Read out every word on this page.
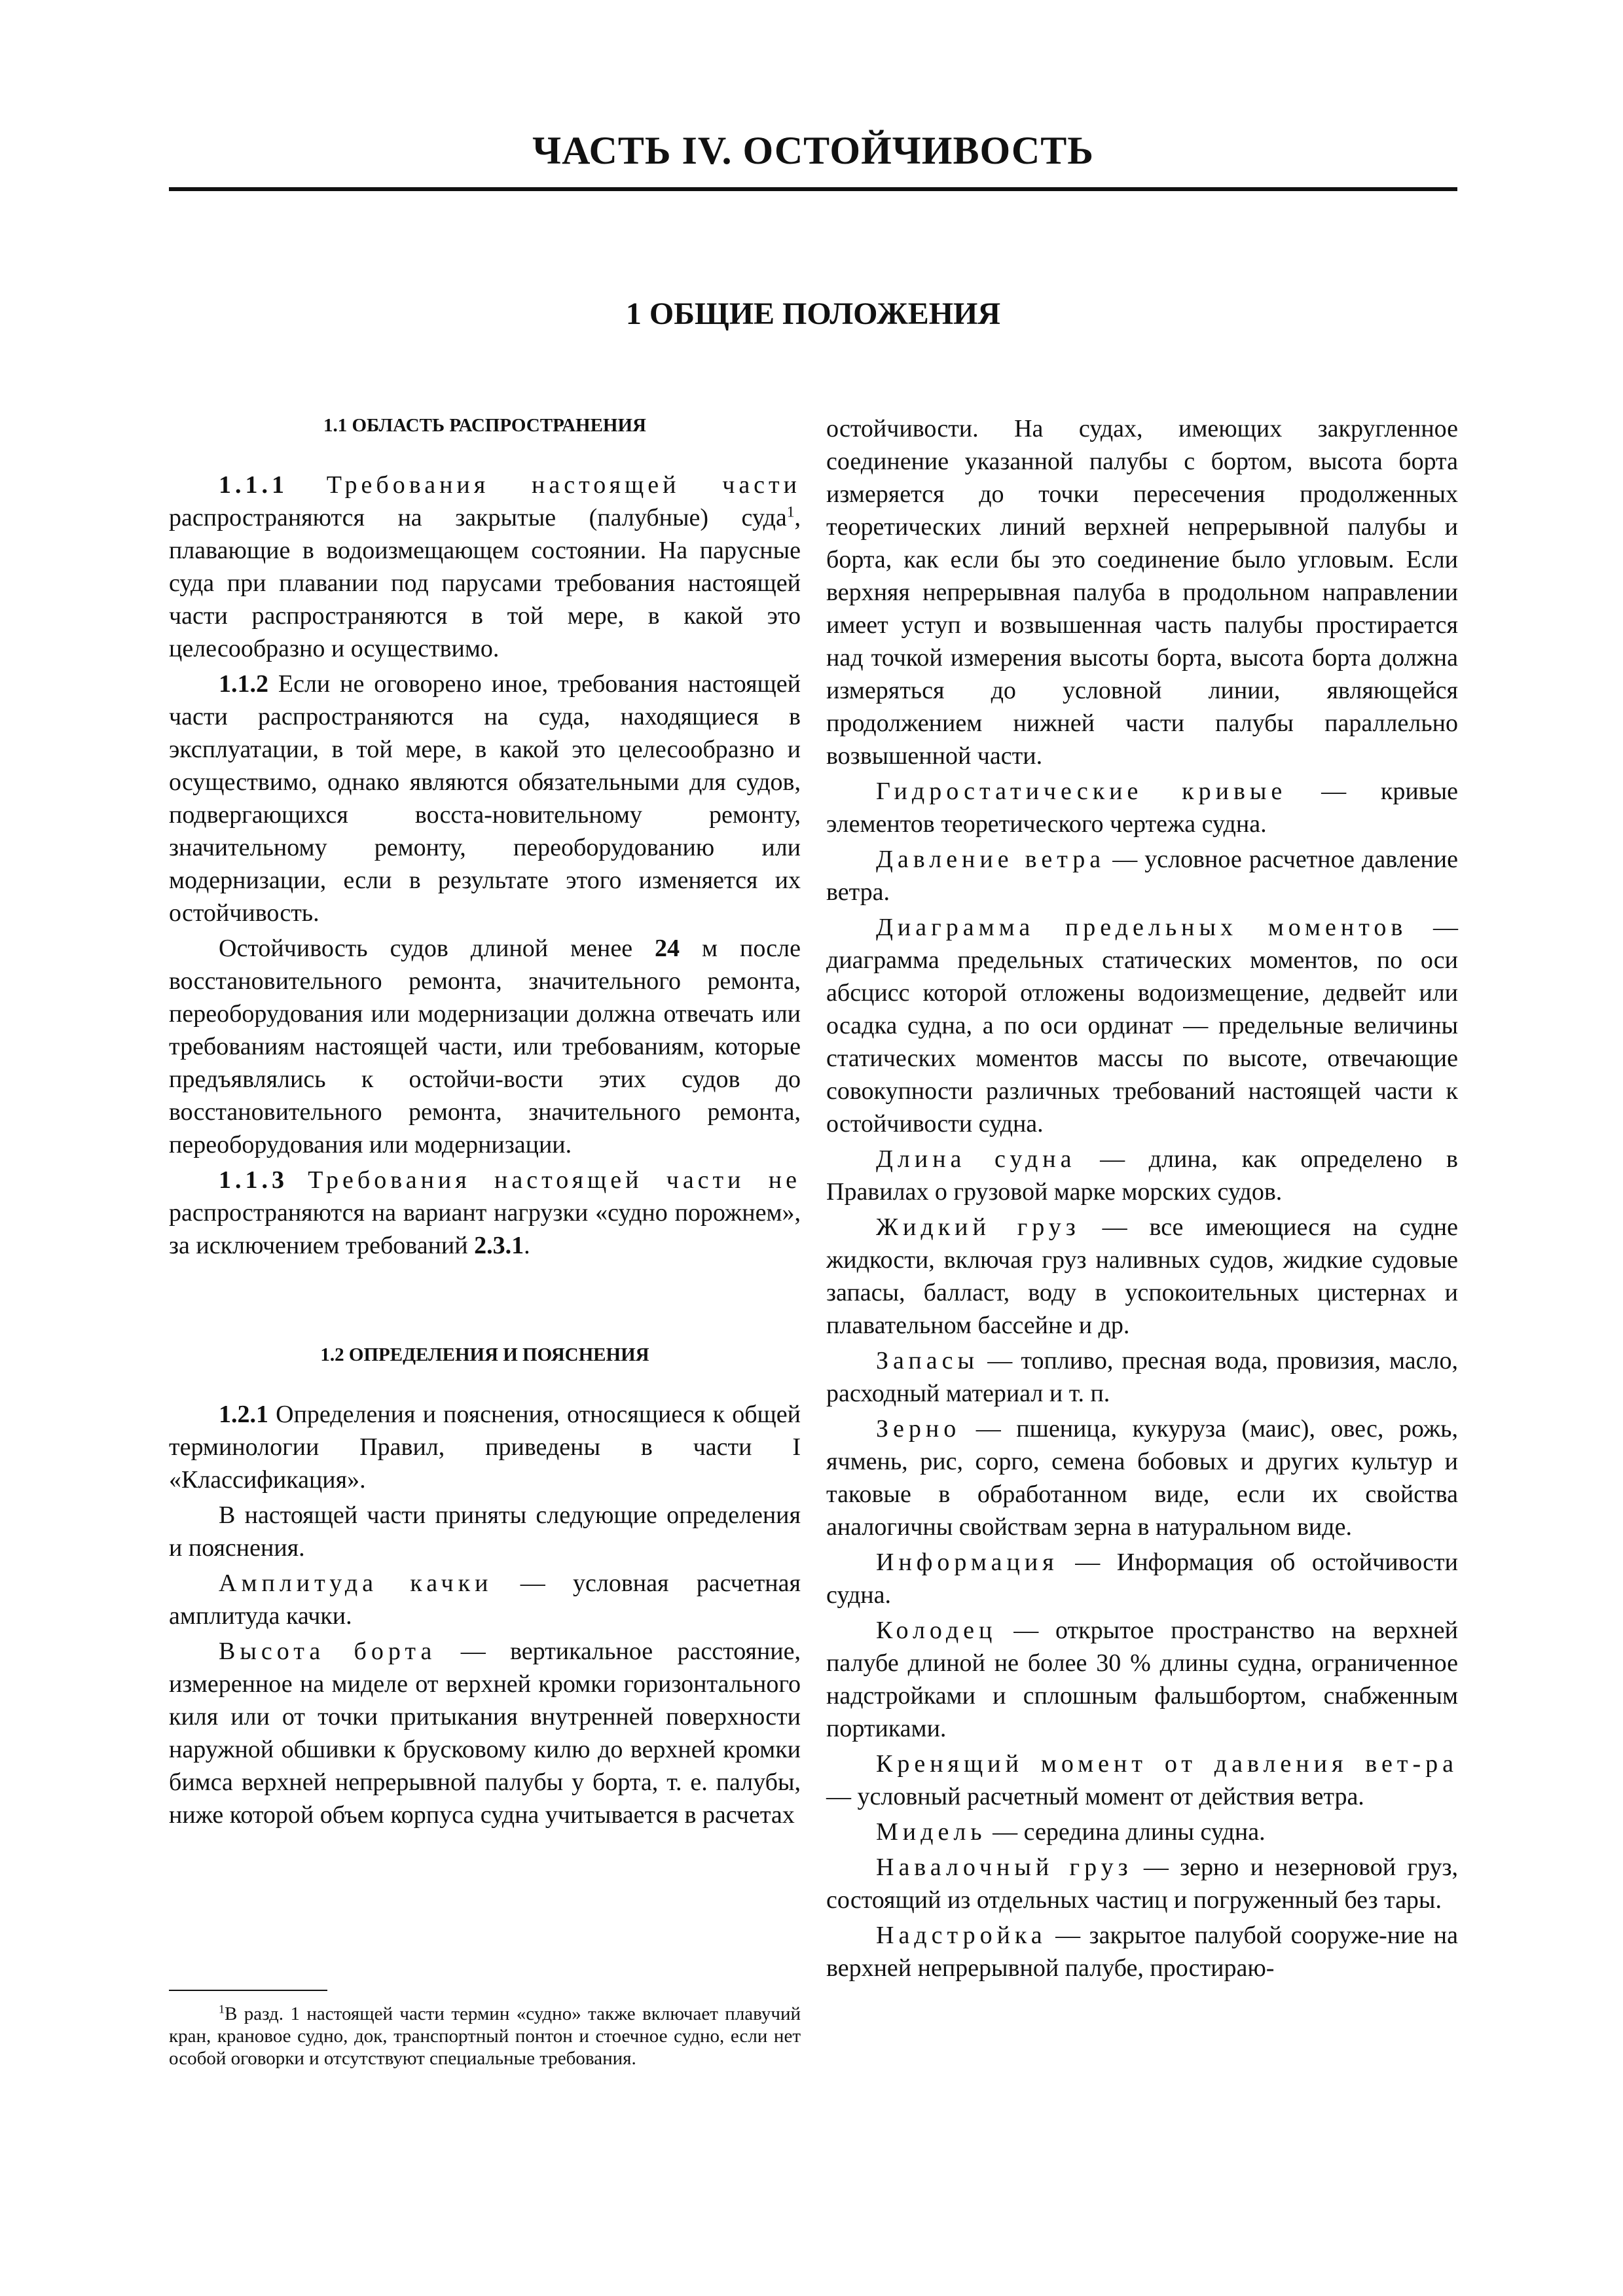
ЧАСТЬ IV. ОСТОЙЧИВОСТЬ
1 ОБЩИЕ ПОЛОЖЕНИЯ
1.1 ОБЛАСТЬ РАСПРОСТРАНЕНИЯ

1.1.1 Требования настоящей части распространяются на закрытые (палубные) суда$^1$, плавающие в водоизмещающем состоянии. На парусные суда при плавании под парусами требования настоящей части распространяются в той мере, в какой это целесообразно и осуществимо.

1.1.2 Если не оговорено иное, требования настоящей части распространяются на суда, находящиеся в эксплуатации, в той мере, в какой это целесообразно и осуществимо, однако являются обязательными для судов, подвергающихся восста-новительному ремонту, значительному ремонту, переоборудованию или модернизации, если в результате этого изменяется их остойчивость.

Остойчивость судов длиной менее 24 м после восстановительного ремонта, значительного ремонта, переоборудования или модернизации должна отвечать или требованиям настоящей части, или требованиям, которые предъявлялись к остойчи-вости этих судов до восстановительного ремонта, значительного ремонта, переоборудования или модернизации.

1.1.3 Требования настоящей части не распространяются на вариант нагрузки «судно порожнем», за исключением требований 2.3.1.

1.2 ОПРЕДЕЛЕНИЯ И ПОЯСНЕНИЯ

1.2.1 Определения и пояснения, относящиеся к общей терминологии Правил, приведены в части I «Классификация».

В настоящей части приняты следующие определения и пояснения.

Амплитуда качки — условная расчетная амплитуда качки.

Высота борта — вертикальное расстояние, измеренное на миделе от верхней кромки горизонтального киля или от точки притыкания внутренней поверхности наружной обшивки к брусковому килю до верхней кромки бимса верхней непрерывной палубы у борта, т. е. палубы, ниже которой объем корпуса судна учитывается в расчетах

$^1$В разд. 1 настоящей части термин «судно» также включает плавучий кран, крановое судно, док, транспортный понтон и стоечное судно, если нет особой оговорки и отсутствуют специальные требования.

остойчивости. На судах, имеющих закругленное соединение указанной палубы с бортом, высота борта измеряется до точки пересечения продолженных теоретических линий верхней непрерывной палубы и борта, как если бы это соединение было угловым. Если верхняя непрерывная палуба в продольном направлении имеет уступ и возвышенная часть палубы простирается над точкой измерения высоты борта, высота борта должна измеряться до условной линии, являющейся продолжением нижней части палубы параллельно возвышенной части.

Гидростатические кривые — кривые элементов теоретического чертежа судна.

Давление ветра — условное расчетное давление ветра.

Диаграмма предельных моментов — диаграмма предельных статических моментов, по оси абсцисс которой отложены водоизмещение, дедвейт или осадка судна, а по оси ординат — предельные величины статических моментов массы по высоте, отвечающие совокупности различных требований настоящей части к остойчивости судна.

Длина судна — длина, как определено в Правилах о грузовой марке морских судов.

Жидкий груз — все имеющиеся на судне жидкости, включая груз наливных судов, жидкие судовые запасы, балласт, воду в успокоительных цистернах и плавательном бассейне и др.

Запасы — топливо, пресная вода, провизия, масло, расходный материал и т. п.

Зерно — пшеница, кукуруза (маис), овес, рожь, ячмень, рис, сорго, семена бобовых и других культур и таковые в обработанном виде, если их свойства аналогичны свойствам зерна в натуральном виде.

Информация — Информация об остойчивости судна.

Колодец — открытое пространство на верхней палубе длиной не более 30 % длины судна, ограниченное надстройками и сплошным фальшбортом, снабженным портиками.

Кренящий момент от давления вет-ра — условный расчетный момент от действия ветра.

Мидель — середина длины судна.

Навалочный груз — зерно и незерновой груз, состоящий из отдельных частиц и погруженный без тары.

Надстройка — закрытое палубой сооруже-ние на верхней непрерывной палубе, простираю-
